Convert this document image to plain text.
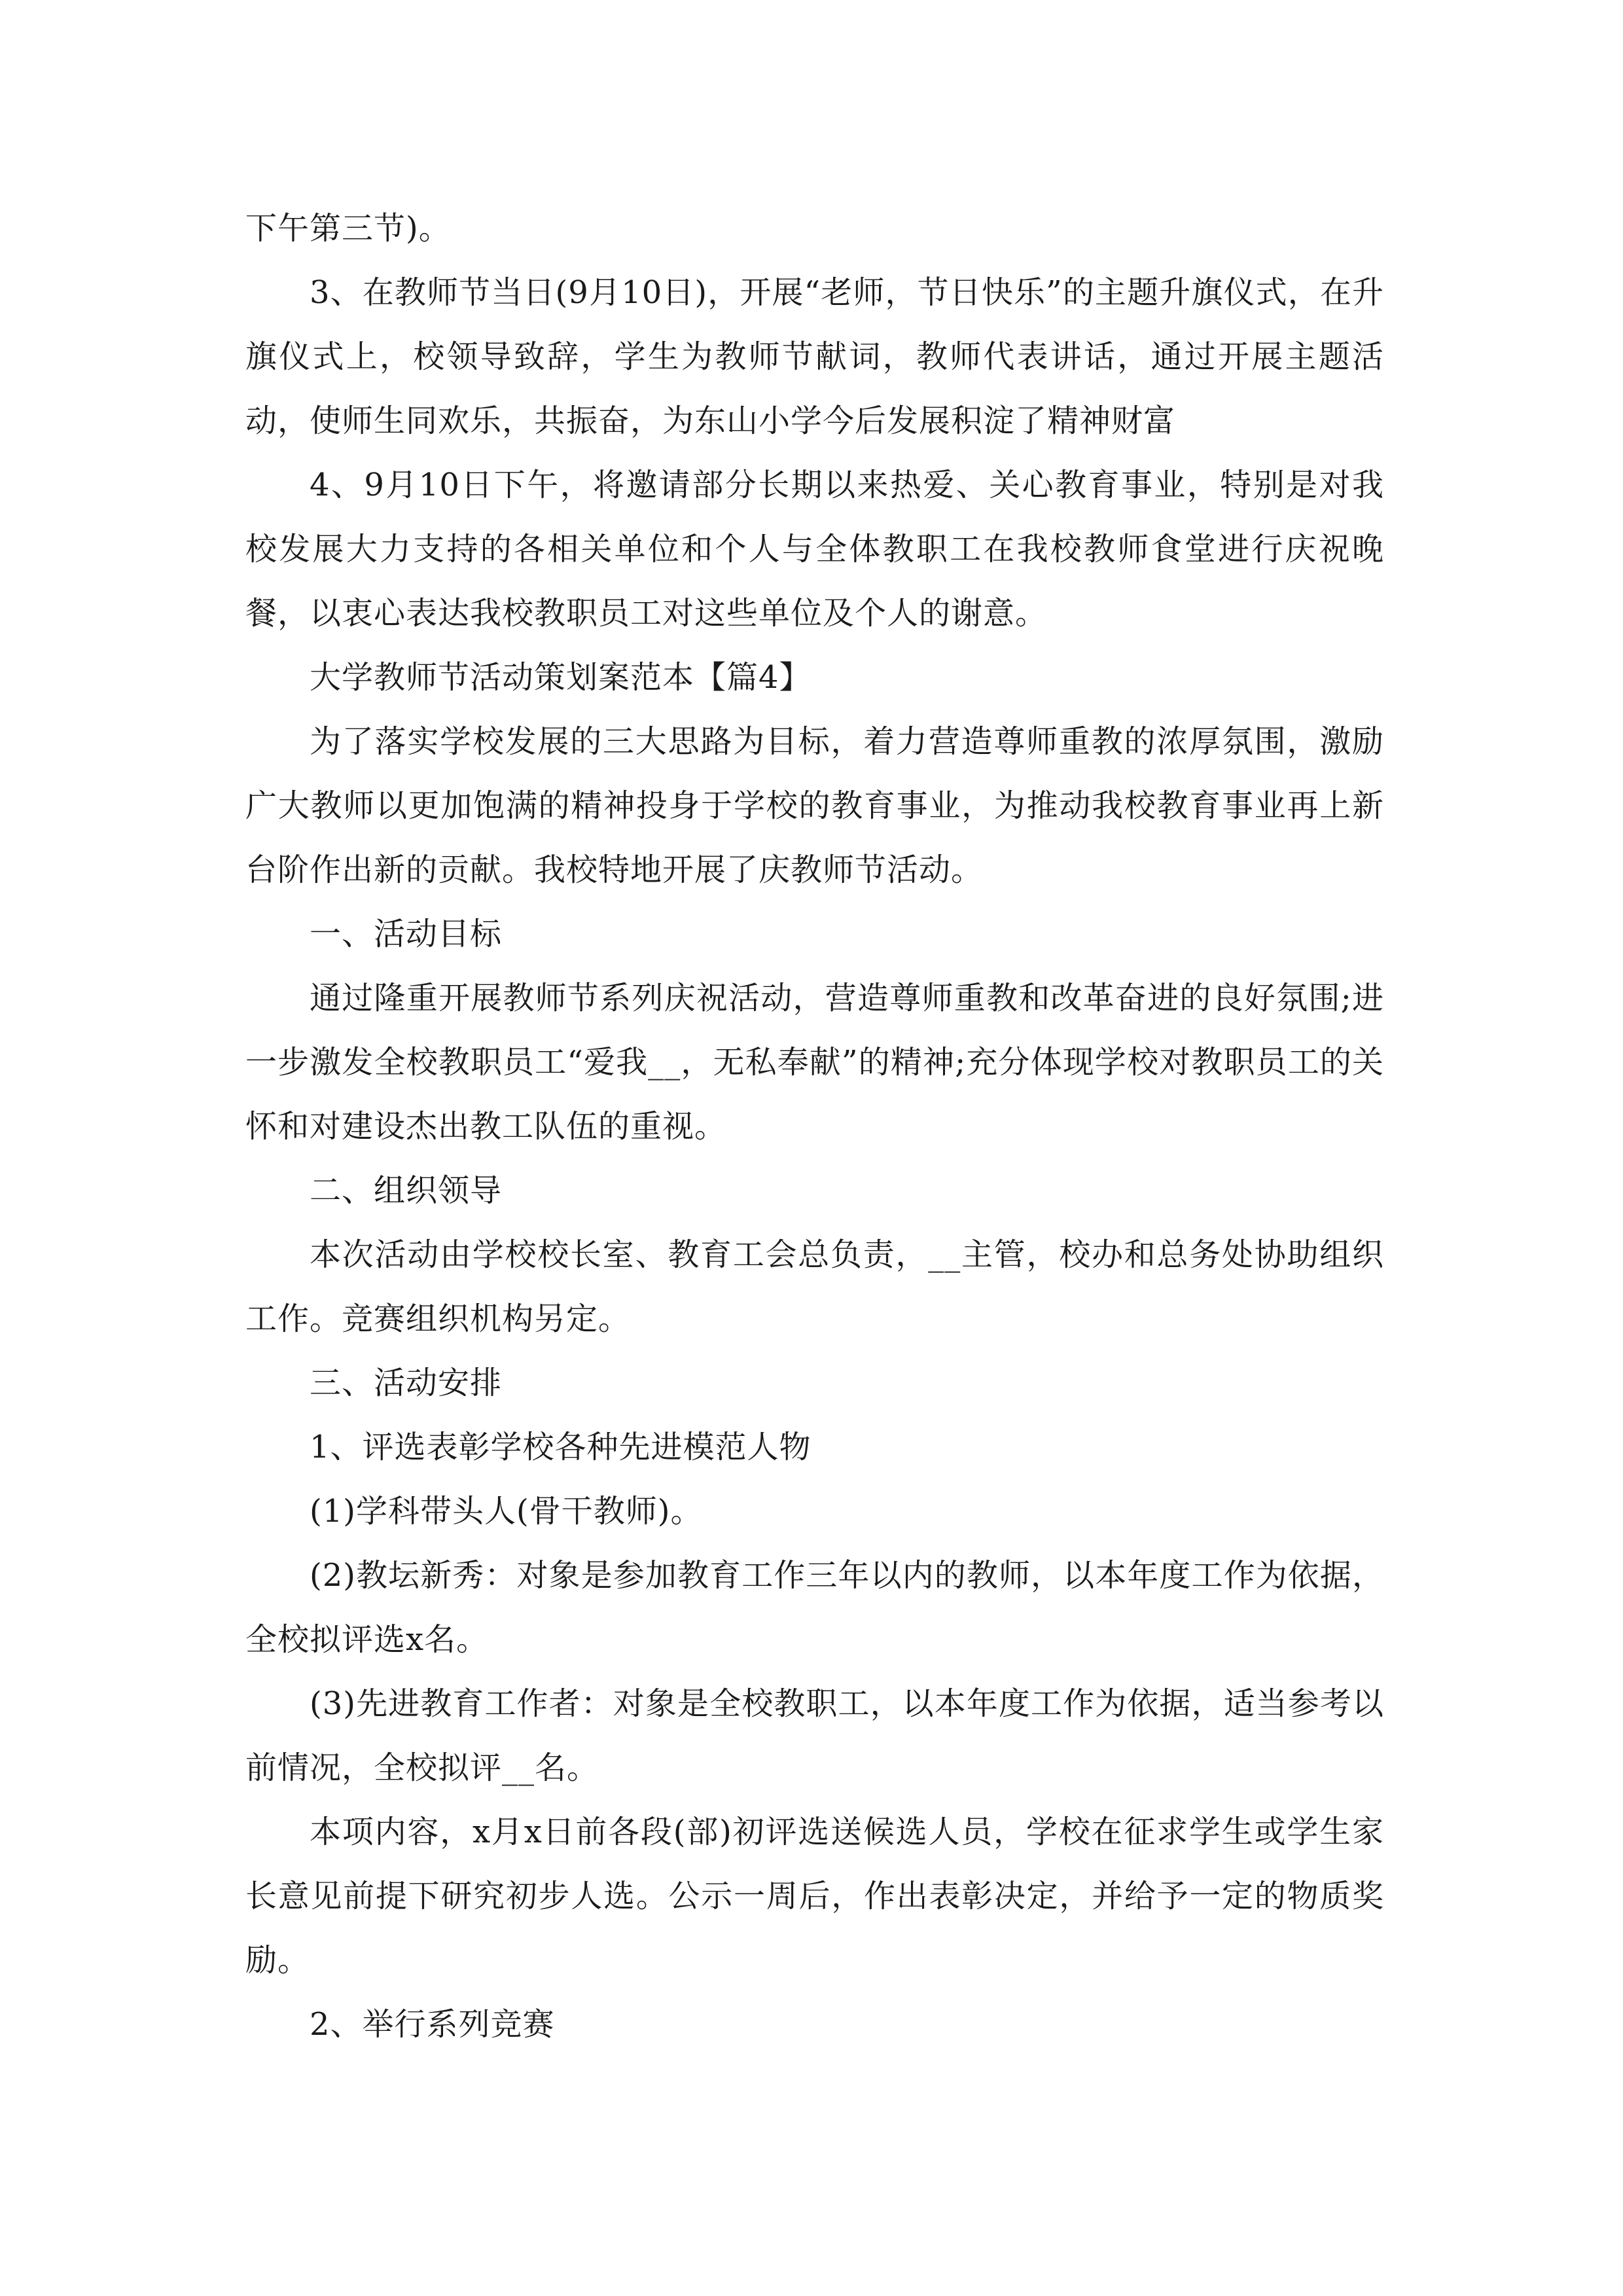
下午第三节)。

3、在教师节当日(9月10日)，开展“老师，节日快乐”的主题升旗仪式，在升旗仪式上，校领导致辞，学生为教师节献词，教师代表讲话，通过开展主题活动，使师生同欢乐，共振奋，为东山小学今后发展积淀了精神财富

4、9月10日下午，将邀请部分长期以来热爱、关心教育事业，特别是对我校发展大力支持的各相关单位和个人与全体教职工在我校教师食堂进行庆祝晚餐，以衷心表达我校教职员工对这些单位及个人的谢意。

大学教师节活动策划案范本【篇4】

为了落实学校发展的三大思路为目标，着力营造尊师重教的浓厚氛围，激励广大教师以更加饱满的精神投身于学校的教育事业，为推动我校教育事业再上新台阶作出新的贡献。我校特地开展了庆教师节活动。

一、活动目标

通过隆重开展教师节系列庆祝活动，营造尊师重教和改革奋进的良好氛围;进一步激发全校教职员工“爱我__，无私奉献”的精神;充分体现学校对教职员工的关怀和对建设杰出教工队伍的重视。

二、组织领导

本次活动由学校校长室、教育工会总负责，__主管，校办和总务处协助组织工作。竞赛组织机构另定。

三、活动安排

1、评选表彰学校各种先进模范人物

(1)学科带头人(骨干教师)。

(2)教坛新秀：对象是参加教育工作三年以内的教师，以本年度工作为依据，全校拟评选x名。

(3)先进教育工作者：对象是全校教职工，以本年度工作为依据，适当参考以前情况，全校拟评__名。

本项内容，x月x日前各段(部)初评选送候选人员，学校在征求学生或学生家长意见前提下研究初步人选。公示一周后，作出表彰决定，并给予一定的物质奖励。

2、举行系列竞赛
